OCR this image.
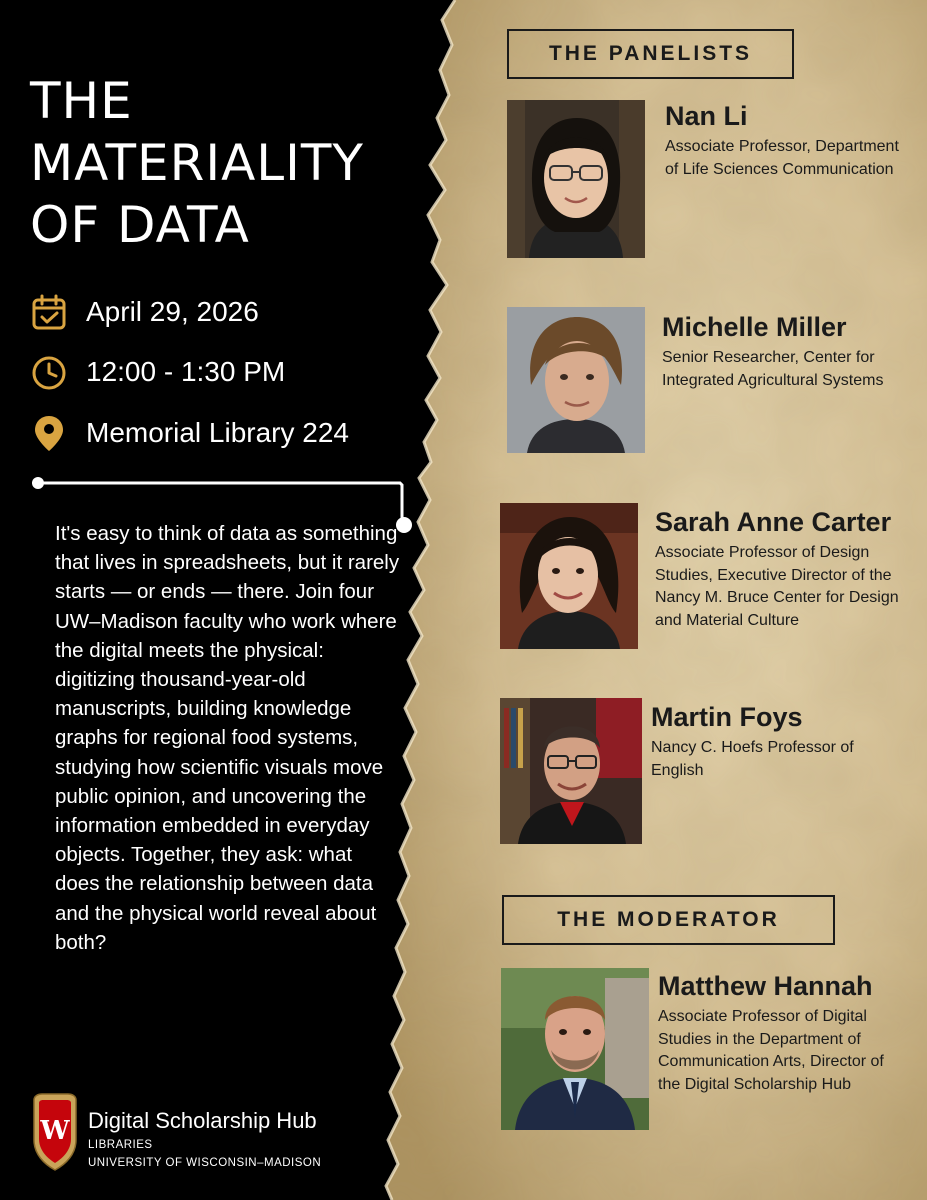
THE
MATERIALITY
OF DATA
April 29, 2026
12:00 - 1:30 PM
Memorial Library 224

It's easy to think of data as something that lives in spreadsheets, but it rarely starts — or ends — there. Join four UW–Madison faculty who work where the digital meets the physical: digitizing thousand-year-old manuscripts, building knowledge graphs for regional food systems, studying how scientific visuals move public opinion, and uncovering the information embedded in everyday objects. Together, they ask: what does the relationship between data and the physical world reveal about both?

W Digital Scholarship Hub
LIBRARIES
UNIVERSITY OF WISCONSIN–MADISON
THE PANELISTS
Nan Li
Associate Professor, Department of Life Sciences Communication
Michelle Miller
Senior Researcher, Center for Integrated Agricultural Systems
Sarah Anne Carter
Associate Professor of Design Studies, Executive Director of the Nancy M. Bruce Center for Design and Material Culture
Martin Foys
Nancy C. Hoefs Professor of English
THE MODERATOR
Matthew Hannah
Associate Professor of Digital Studies in the Department of Communication Arts, Director of the Digital Scholarship Hub
